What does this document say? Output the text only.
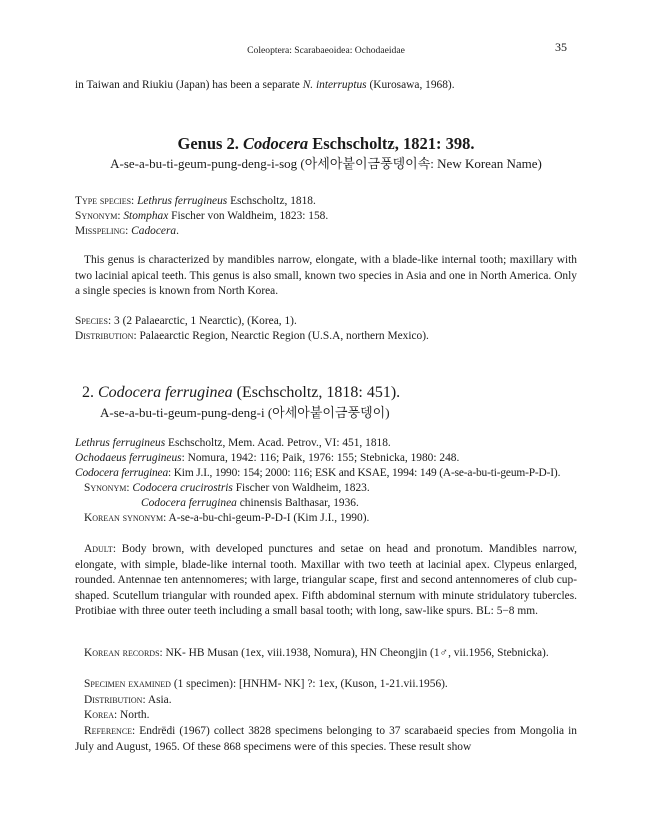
Coleoptera: Scarabaeoidea: Ochodaeidae	35
in Taiwan and Riukiu (Japan) has been a separate N. interruptus (Kurosawa, 1968).
Genus 2. Codocera Eschscholtz, 1821: 398.
A-se-a-bu-ti-geum-pung-deng-i-sog (아세아붙이금풍뎅이속: New Korean Name)
Type species: Lethrus ferrugineus Eschscholtz, 1818.
Synonym: Stomphax Fischer von Waldheim, 1823: 158.
Misspeling: Cadocera.
This genus is characterized by mandibles narrow, elongate, with a blade-like internal tooth; maxillary with two lacinial apical teeth. This genus is also small, known two species in Asia and one in North America. Only a single species is known from North Korea.
Species: 3 (2 Palaearctic, 1 Nearctic), (Korea, 1).
Distribution: Palaearctic Region, Nearctic Region (U.S.A, northern Mexico).
2. Codocera ferruginea (Eschscholtz, 1818: 451).
A-se-a-bu-ti-geum-pung-deng-i (아세아붙이금풍뎅이)
Lethrus ferrugineus Eschscholtz, Mem. Acad. Petrov., VI: 451, 1818.
Ochodaeus ferrugineus: Nomura, 1942: 116; Paik, 1976: 155; Stebnicka, 1980: 248.
Codocera ferruginea: Kim J.I., 1990: 154; 2000: 116; ESK and KSAE, 1994: 149 (A-se-a-bu-ti-geum-P-D-I).
Synonym: Codocera crucirostris Fischer von Waldheim, 1823.
Codocera ferruginea chinensis Balthasar, 1936.
Korean synonym: A-se-a-bu-chi-geum-P-D-I (Kim J.I., 1990).
Adult: Body brown, with developed punctures and setae on head and pronotum. Mandibles narrow, elongate, with simple, blade-like internal tooth. Maxillar with two teeth at lacinial apex. Clypeus enlarged, rounded. Antennae ten antennomeres; with large, triangular scape, first and second antennomeres of club cup-shaped. Scutellum triangular with rounded apex. Fifth abdominal sternum with minute stridulatory tubercles. Protibiae with three outer teeth including a small basal tooth; with long, saw-like spurs. BL: 5−8 mm.
Korean records: NK- HB Musan (1ex, viii.1938, Nomura), HN Cheongjin (1♂, vii.1956, Stebnicka).
Specimen examined (1 specimen): [HNHM- NK] ?: 1ex, (Kuson, 1-21.vii.1956).
Distribution: Asia.
Korea: North.
Reference: Endrëdi (1967) collect 3828 specimens belonging to 37 scarabaeid species from Mongolia in July and August, 1965. Of these 868 specimens were of this species. These result show
